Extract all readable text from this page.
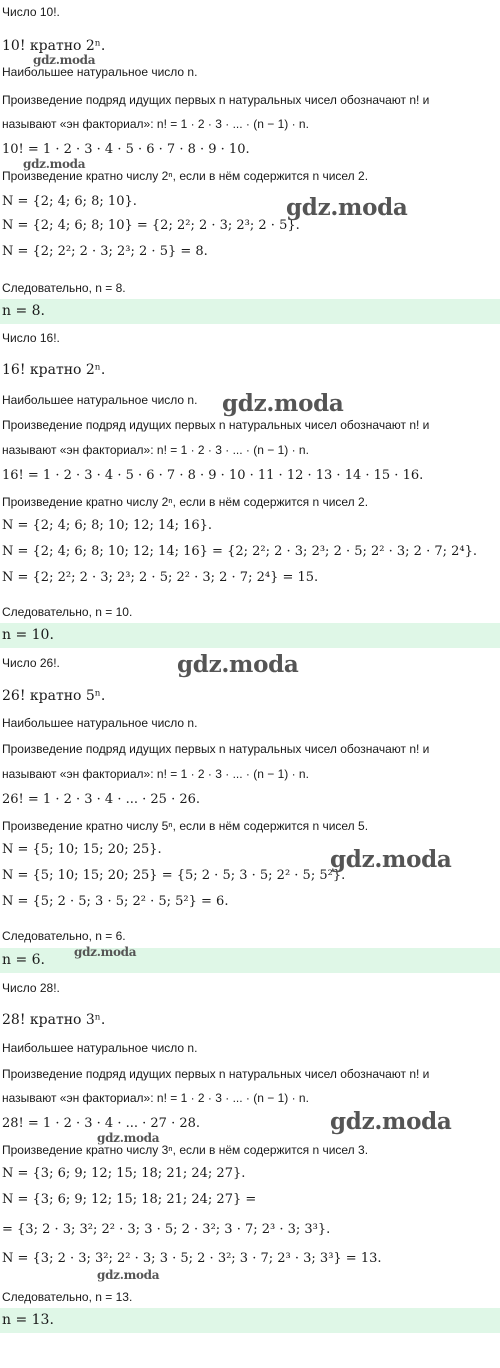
Число 10!.
10! кратно 2ⁿ.
Наибольшее натуральное число n.
Произведение подряд идущих первых n натуральных чисел обозначают n! и
называют «эн факториал»: n! = 1 · 2 · 3 · ... · (n − 1) · n.
10! = 1 · 2 · 3 · 4 · 5 · 6 · 7 · 8 · 9 · 10.
Произведение кратно числу 2ⁿ, если в нём содержится n чисел 2.
N = {2; 4; 6; 8; 10}.
N = {2; 4; 6; 8; 10} = {2; 2²; 2 · 3; 2³; 2 · 5}.
N = {2; 2²; 2 · 3; 2³; 2 · 5} = 8.
Следовательно, n = 8.
n = 8.
Число 16!.
16! кратно 2ⁿ.
Наибольшее натуральное число n.
Произведение подряд идущих первых n натуральных чисел обозначают n! и
называют «эн факториал»: n! = 1 · 2 · 3 · ... · (n − 1) · n.
16! = 1 · 2 · 3 · 4 · 5 · 6 · 7 · 8 · 9 · 10 · 11 · 12 · 13 · 14 · 15 · 16.
Произведение кратно числу 2ⁿ, если в нём содержится n чисел 2.
N = {2; 4; 6; 8; 10; 12; 14; 16}.
N = {2; 4; 6; 8; 10; 12; 14; 16} = {2; 2²; 2 · 3; 2³; 2 · 5; 2² · 3; 2 · 7; 2⁴}.
N = {2; 2²; 2 · 3; 2³; 2 · 5; 2² · 3; 2 · 7; 2⁴} = 15.
Следовательно, n = 10.
n = 10.
Число 26!.
26! кратно 5ⁿ.
Наибольшее натуральное число n.
Произведение подряд идущих первых n натуральных чисел обозначают n! и
называют «эн факториал»: n! = 1 · 2 · 3 · ... · (n − 1) · n.
26! = 1 · 2 · 3 · 4 · ... · 25 · 26.
Произведение кратно числу 5ⁿ, если в нём содержится n чисел 5.
N = {5; 10; 15; 20; 25}.
N = {5; 10; 15; 20; 25} = {5; 2 · 5; 3 · 5; 2² · 5; 5²}.
N = {5; 2 · 5; 3 · 5; 2² · 5; 5²} = 6.
Следовательно, n = 6.
n = 6.
Число 28!.
28! кратно 3ⁿ.
Наибольшее натуральное число n.
Произведение подряд идущих первых n натуральных чисел обозначают n! и
называют «эн факториал»: n! = 1 · 2 · 3 · ... · (n − 1) · n.
28! = 1 · 2 · 3 · 4 · ... · 27 · 28.
Произведение кратно числу 3ⁿ, если в нём содержится n чисел 3.
N = {3; 6; 9; 12; 15; 18; 21; 24; 27}.
N = {3; 6; 9; 12; 15; 18; 21; 24; 27} =
= {3; 2 · 3; 3²; 2² · 3; 3 · 5; 2 · 3²; 3 · 7; 2³ · 3; 3³}.
N = {3; 2 · 3; 3²; 2² · 3; 3 · 5; 2 · 3²; 3 · 7; 2³ · 3; 3³} = 13.
Следовательно, n = 13.
n = 13.
gdz.moda
gdz.moda
gdz.moda
gdz.moda
gdz.moda
gdz.moda
gdz.moda
gdz.moda
gdz.moda
gdz.moda
